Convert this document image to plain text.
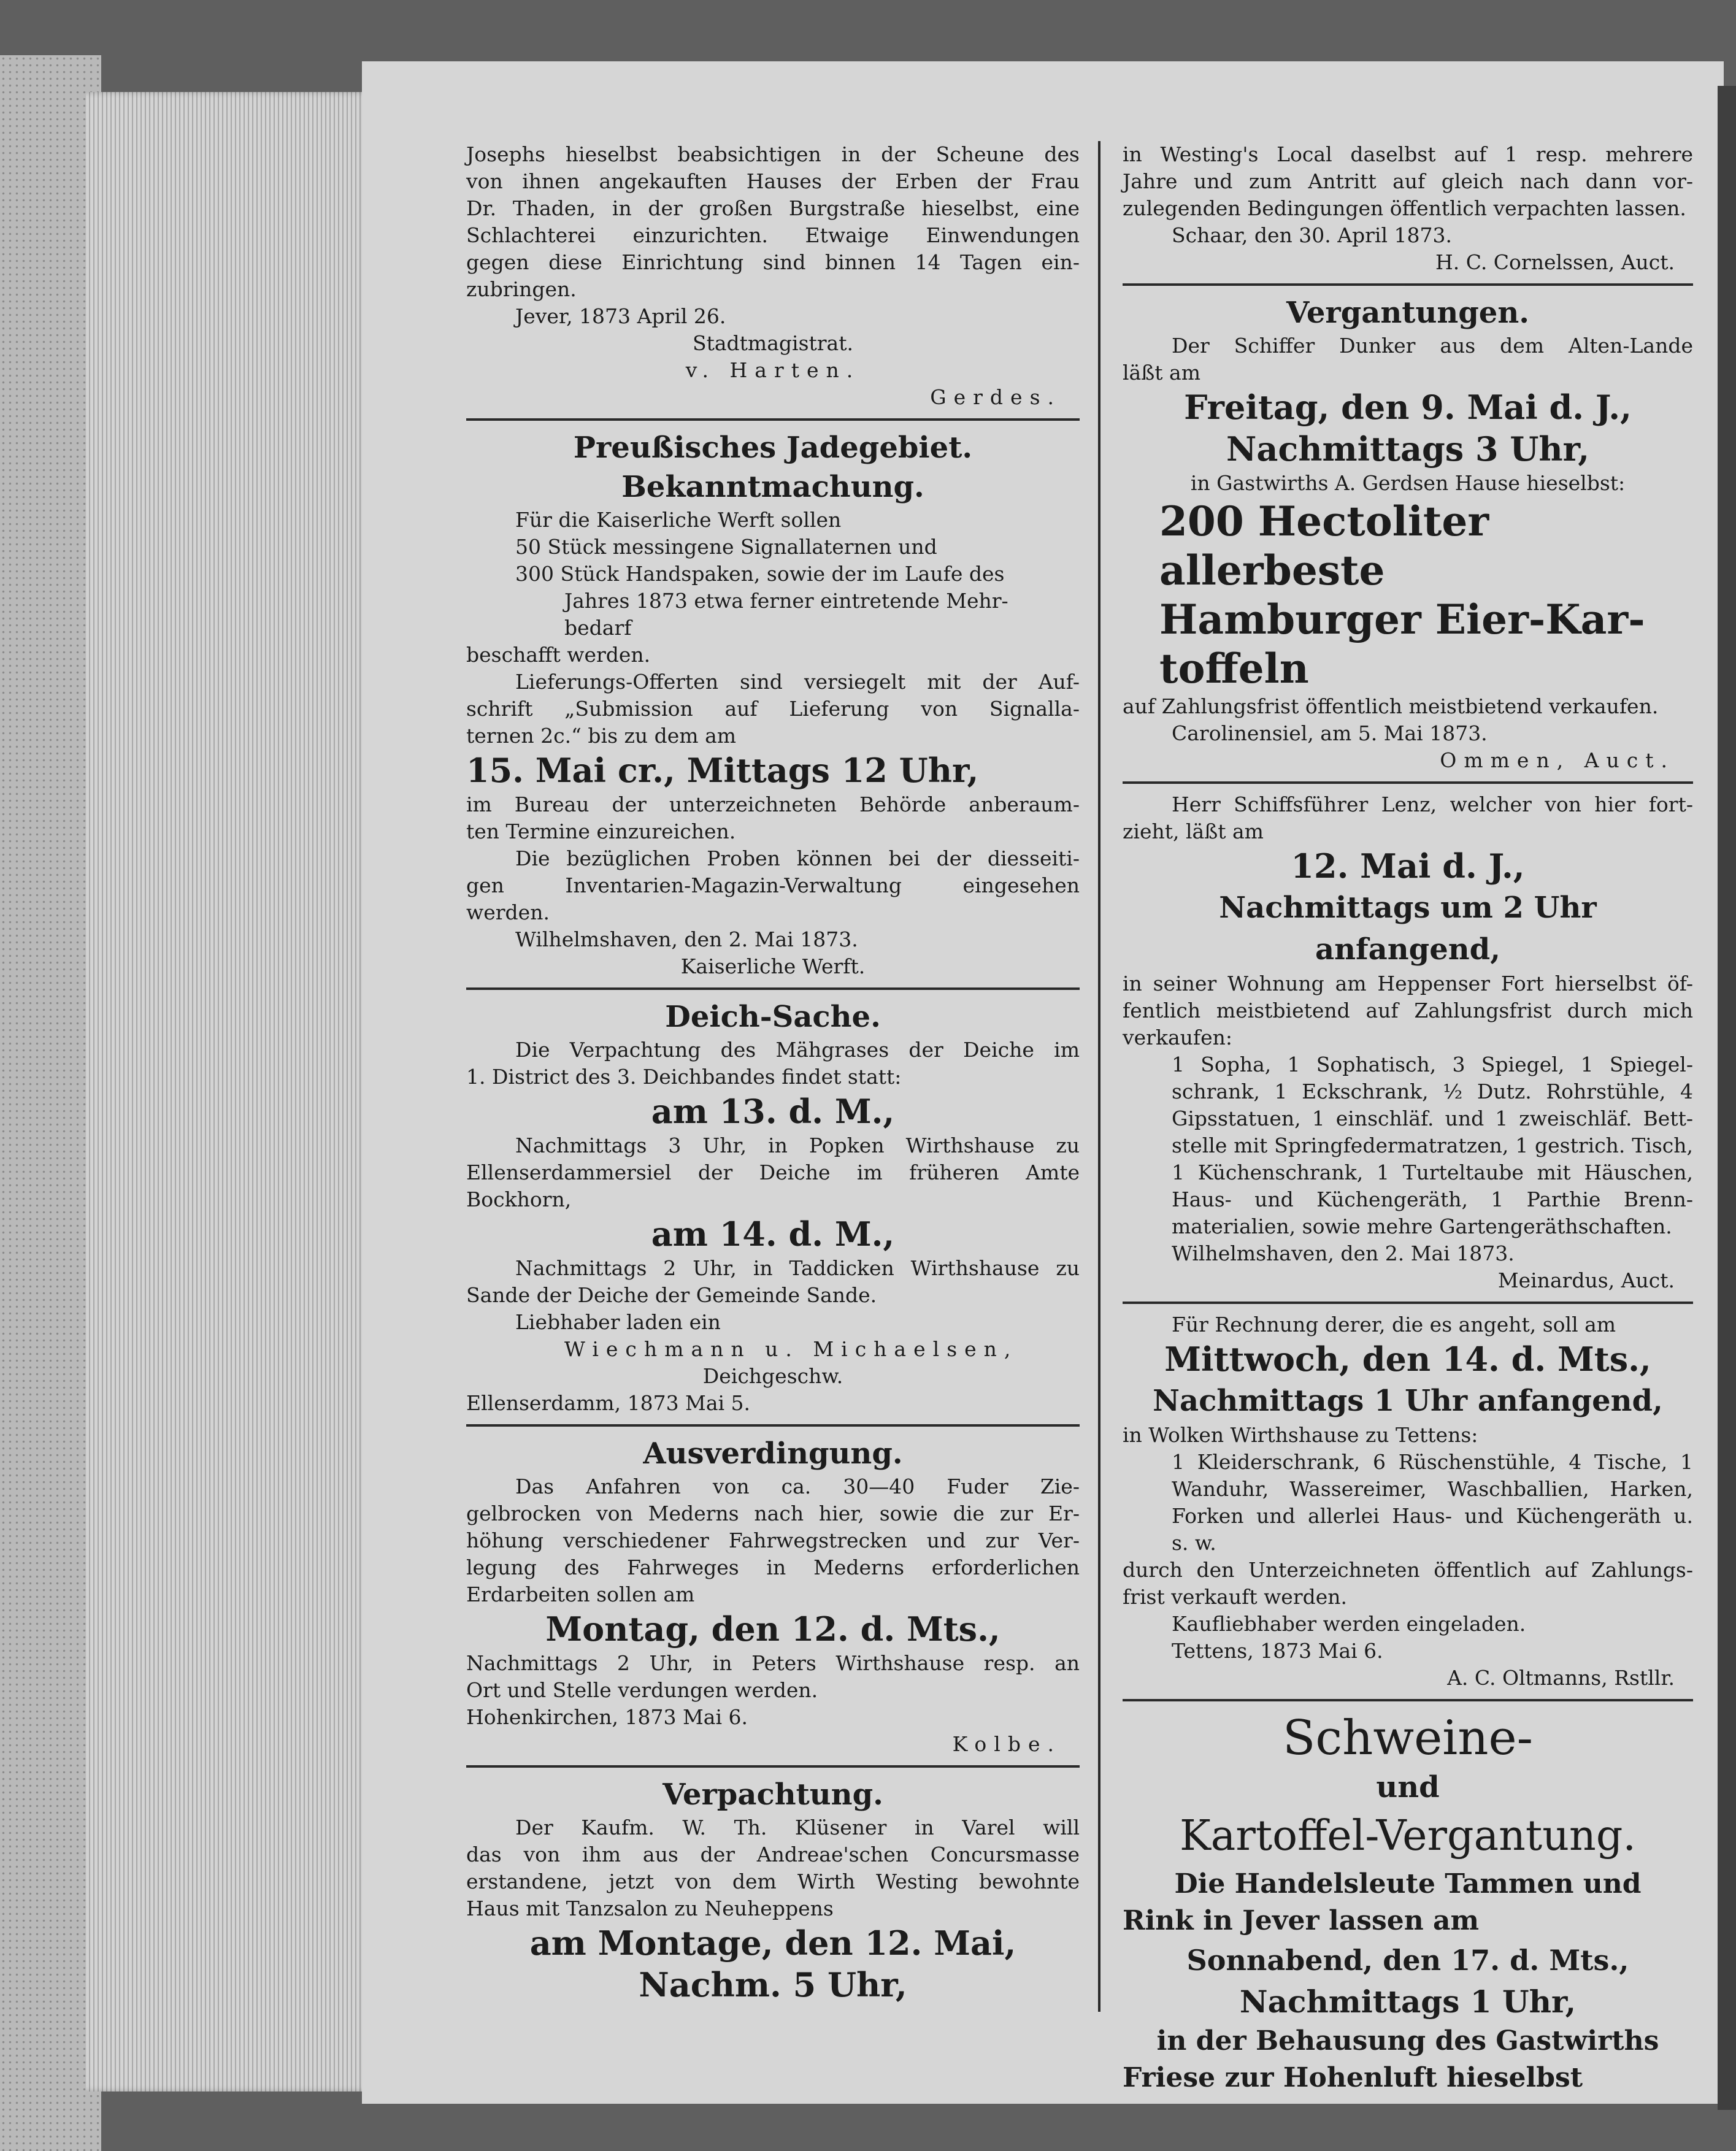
Josephs hieselbst beabsichtigen in der Scheune des
von ihnen angekauften Hauses der Erben der Frau
Dr. Thaden, in der großen Burgstraße hieselbst, eine
Schlachterei einzurichten. Etwaige Einwendungen
gegen diese Einrichtung sind binnen 14 Tagen ein-
zubringen.
Jever, 1873 April 26.
Stadtmagistrat.
v. Harten.
Gerdes.
Preußisches Jadegebiet.
Bekanntmachung.
Für die Kaiserliche Werft sollen
50 Stück messingene Signallaternen und
300 Stück Handspaken, sowie der im Laufe des
Jahres 1873 etwa ferner eintretende Mehr-
bedarf
beschafft werden.
Lieferungs-Offerten sind versiegelt mit der Auf-
schrift „Submission auf Lieferung von Signalla-
ternen 2c.“ bis zu dem am
15. Mai cr., Mittags 12 Uhr,
im Bureau der unterzeichneten Behörde anberaum-
ten Termine einzureichen.
Die bezüglichen Proben können bei der diesseiti-
gen Inventarien-Magazin-Verwaltung eingesehen
werden.
Wilhelmshaven, den 2. Mai 1873.
Kaiserliche Werft.
Deich-Sache.
Die Verpachtung des Mähgrases der Deiche im
1. District des 3. Deichbandes findet statt:
am 13. d. M.,
Nachmittags 3 Uhr, in Popken Wirthshause zu
Ellenserdammersiel der Deiche im früheren Amte
Bockhorn,
am 14. d. M.,
Nachmittags 2 Uhr, in Taddicken Wirthshause zu
Sande der Deiche der Gemeinde Sande.
Liebhaber laden ein
Wiechmann u. Michaelsen,
Deichgeschw.
Ellenserdamm, 1873 Mai 5.
Ausverdingung.
Das Anfahren von ca. 30—40 Fuder Zie-
gelbrocken von Mederns nach hier, sowie die zur Er-
höhung verschiedener Fahrwegstrecken und zur Ver-
legung des Fahrweges in Mederns erforderlichen
Erdarbeiten sollen am
Montag, den 12. d. Mts.,
Nachmittags 2 Uhr, in Peters Wirthshause resp. an
Ort und Stelle verdungen werden.
Hohenkirchen, 1873 Mai 6.
Kolbe.
Verpachtung.
Der Kaufm. W. Th. Klüsener in Varel will
das von ihm aus der Andreae'schen Concursmasse
erstandene, jetzt von dem Wirth Westing bewohnte
Haus mit Tanzsalon zu Neuheppens
am Montage, den 12. Mai,
Nachm. 5 Uhr,
in Westing's Local daselbst auf 1 resp. mehrere
Jahre und zum Antritt auf gleich nach dann vor-
zulegenden Bedingungen öffentlich verpachten lassen.
Schaar, den 30. April 1873.
H. C. Cornelssen, Auct.
Vergantungen.
Der Schiffer Dunker aus dem Alten-Lande
läßt am
Freitag, den 9. Mai d. J.,
Nachmittags 3 Uhr,
in Gastwirths A. Gerdsen Hause hieselbst:
200 Hectoliter allerbeste
Hamburger Eier-Kar-
toffeln
auf Zahlungsfrist öffentlich meistbietend verkaufen.
Carolinensiel, am 5. Mai 1873.
Ommen, Auct.
Herr Schiffsführer Lenz, welcher von hier fort-
zieht, läßt am
12. Mai d. J.,
Nachmittags um 2 Uhr anfangend,
in seiner Wohnung am Heppenser Fort hierselbst öf-
fentlich meistbietend auf Zahlungsfrist durch mich
verkaufen:
1 Sopha, 1 Sophatisch, 3 Spiegel, 1 Spiegel-
schrank, 1 Eckschrank, ½ Dutz. Rohrstühle, 4
Gipsstatuen, 1 einschläf. und 1 zweischläf. Bett-
stelle mit Springfedermatratzen, 1 gestrich. Tisch,
1 Küchenschrank, 1 Turteltaube mit Häuschen,
Haus- und Küchengeräth, 1 Parthie Brenn-
materialien, sowie mehre Gartengeräthschaften.
Wilhelmshaven, den 2. Mai 1873.
Meinardus, Auct.
Für Rechnung derer, die es angeht, soll am
Mittwoch, den 14. d. Mts.,
Nachmittags 1 Uhr anfangend,
in Wolken Wirthshause zu Tettens:
1 Kleiderschrank, 6 Rüschenstühle, 4 Tische, 1
Wanduhr, Wassereimer, Waschballien, Harken,
Forken und allerlei Haus- und Küchengeräth u.
s. w.
durch den Unterzeichneten öffentlich auf Zahlungs-
frist verkauft werden.
Kaufliebhaber werden eingeladen.
Tettens, 1873 Mai 6.
A. C. Oltmanns, Rstllr.
Schweine-
und
Kartoffel-Vergantung.
Die Handelsleute Tammen und
Rink in Jever lassen am
Sonnabend, den 17. d. Mts.,
Nachmittags 1 Uhr,
in der Behausung des Gastwirths
Friese zur Hohenluft hieselbst
